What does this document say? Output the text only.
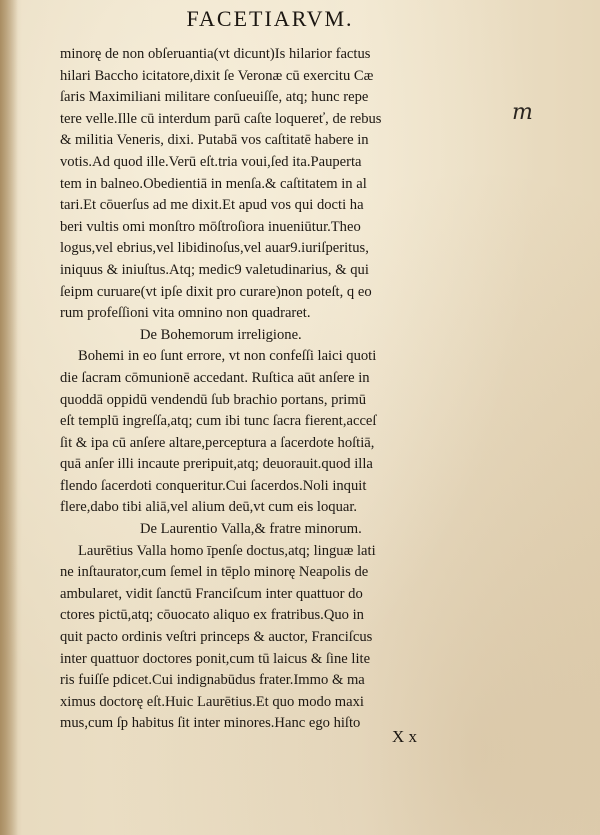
FACETIARVM.
minorę de non obſeruantia(vt dicunt)Is hilarior factus
hilari Baccho icitatore,dixit ſe Veronæ cū exercitu Cæ
ſaris Maximiliani militare conſueuiſſe, atq; hunc repe
tere velle.Ille cū interdum parū caſte loquereť, de rebus
& militia Veneris, dixi. Putabā vos caſtitatē habere in
votis.Ad quod ille.Verū eſt.tria voui,ſed ita.Pauperta
tem in balneo.Obedientiā in menſa.& caſtitatem in al
tari.Et cōuerſus ad me dixit.Et apud vos qui docti ha
beri vultis omi monſtro mōſtroſiora inueniūtur.Theo
logus,vel ebrius,vel libidinoſus,vel auar9.iuriſperitus,
iniquus & iniuſtus.Atq; medic9 valetudinarius, & qui
ſeipm curuare(vt ipſe dixit pro curare)non poteſt, q eo
rum profeſſioni vita omnino non quadraret.
De Bohemorum irreligione.
Bohemi in eo ſunt errore, vt non confeſſi laici quoti
die ſacram cōmunionē accedant. Ruſtica aūt anſere in
quoddā oppidū vendendū ſub brachio portans, primū
eſt templū ingreſſa,atq; cum ibi tunc ſacra fierent,acceſ
ſit & ipa cū anſere altare,perceptura a ſacerdote hoſtiā,
quā anſer illi incaute preripuit,atq; deuorauit.quod illa
flendo ſacerdoti conqueritur.Cui ſacerdos.Noli inquit
flere,dabo tibi aliā,vel alium deū,vt cum eis loquar.
De Laurentio Valla,& fratre minorum.
Laurētius Valla homo īpenſe doctus,atq; linguæ lati
ne inſtaurator,cum ſemel in tēplo minorę Neapolis de
ambularet, vidit ſanctū Franciſcum inter quattuor do
ctores pictū,atq; cōuocato aliquo ex fratribus.Quo in
quit pacto ordinis veſtri princeps & auctor, Franciſcus
inter quattuor doctores ponit,cum tū laicus & ſine lite
ris fuiſſe pdicet.Cui indignabūdus frater.Immo & ma
ximus doctorę eſt.Huic Laurētius.Et quo modo maxi
mus,cum ſp habitus ſit inter minores.Hanc ego hiſto
m
X x
